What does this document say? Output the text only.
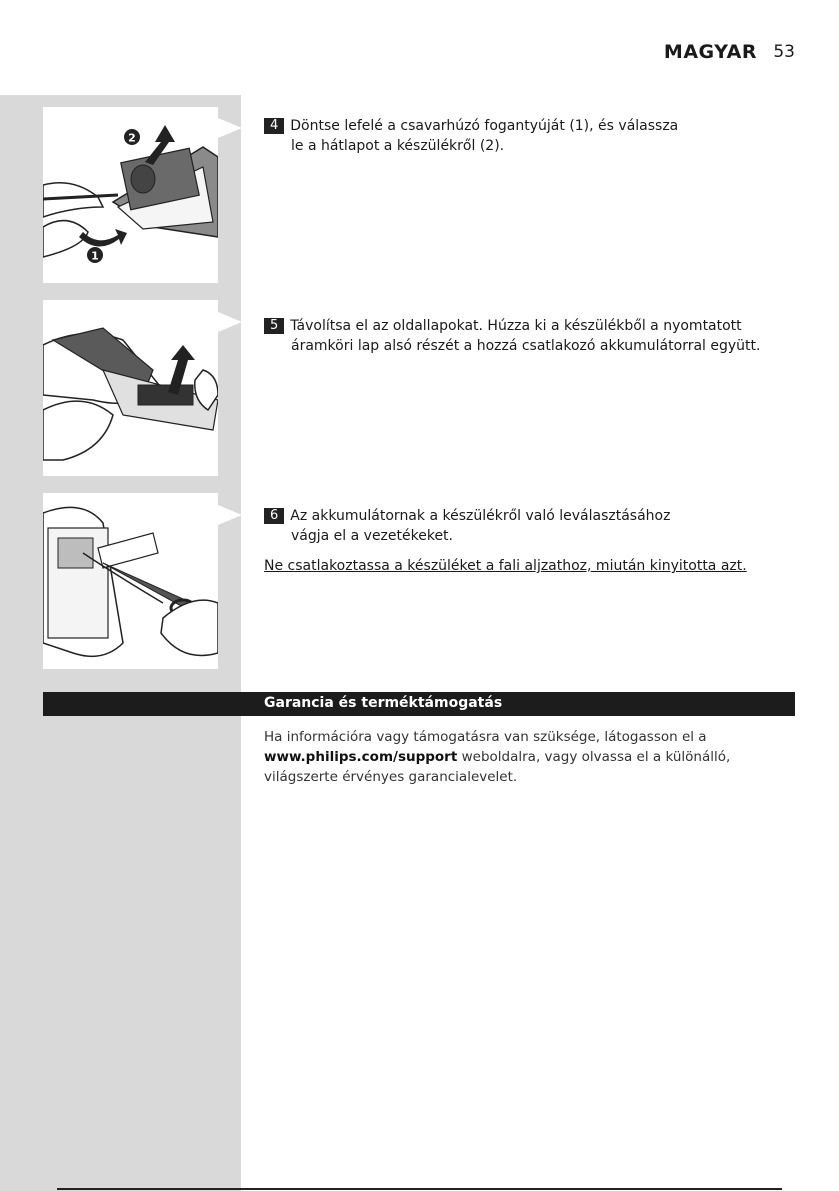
MAGYAR 53
2
1
4 Döntse lefelé a csavarhúzó fogantyúját (1), és válassza
le a hátlapot a készülékről (2).
5 Távolítsa el az oldallapokat. Húzza ki a készülékből a nyomtatott
áramköri lap alsó részét a hozzá csatlakozó akkumulátorral együtt.
6 Az akkumulátornak a készülékről való leválasztásához
vágja el a vezetékeket.
Ne csatlakoztassa a készüléket a fali aljzathoz, miután kinyitotta azt.
Garancia és terméktámogatás
Ha információra vagy támogatásra van szüksége, látogasson el a www.philips.com/support weboldalra, vagy olvassa el a különálló, világszerte érvényes garancialevelet.
